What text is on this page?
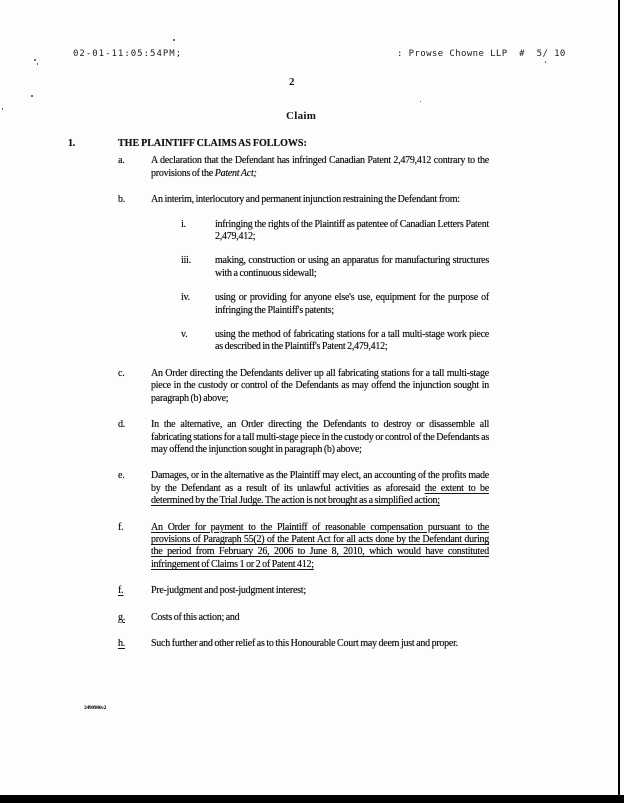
02-01-11:05:54PM;	: Prowse Chowne LLP  #  5/ 10
2
Claim
1.	THE PLAINTIFF CLAIMS AS FOLLOWS:
a.	A declaration that the Defendant has infringed Canadian Patent 2,479,412 contrary to the provisions of the Patent Act;

b.	An interim, interlocutory and permanent injunction restraining the Defendant from:

i.	infringing the rights of the Plaintiff as patentee of Canadian Letters Patent 2,479,412;

iii.	making, construction or using an apparatus for manufacturing structures with a continuous sidewall;

iv.	using or providing for anyone else's use, equipment for the purpose of infringing the Plaintiff's patents;

v.	using the method of fabricating stations for a tall multi-stage work piece as described in the Plaintiff's Patent 2,479,412;

c.	An Order directing the Defendants deliver up all fabricating stations for a tall multi-stage piece in the custody or control of the Defendants as may offend the injunction sought in paragraph (b) above;

d.	In the alternative, an Order directing the Defendants to destroy or disassemble all fabricating stations for a tall multi-stage piece in the custody or control of the Defendants as may offend the injunction sought in paragraph (b) above;

e.	Damages, or in the alternative as the Plaintiff may elect, an accounting of the profits made by the Defendant as a result of its unlawful activities as aforesaid the extent to be determined by the Trial Judge. The action is not brought as a simplified action;

f.	An Order for payment to the Plaintiff of reasonable compensation pursuant to the provisions of Paragraph 55(2) of the Patent Act for all acts done by the Defendant during the period from February 26, 2006 to June 8, 2010, which would have constituted infringement of Claims 1 or 2 of Patent 412;

f.	Pre-judgment and post-judgment interest;

g.	Costs of this action; and

h.	Such further and other relief as to this Honourable Court may deem just and proper.

2490986v2
